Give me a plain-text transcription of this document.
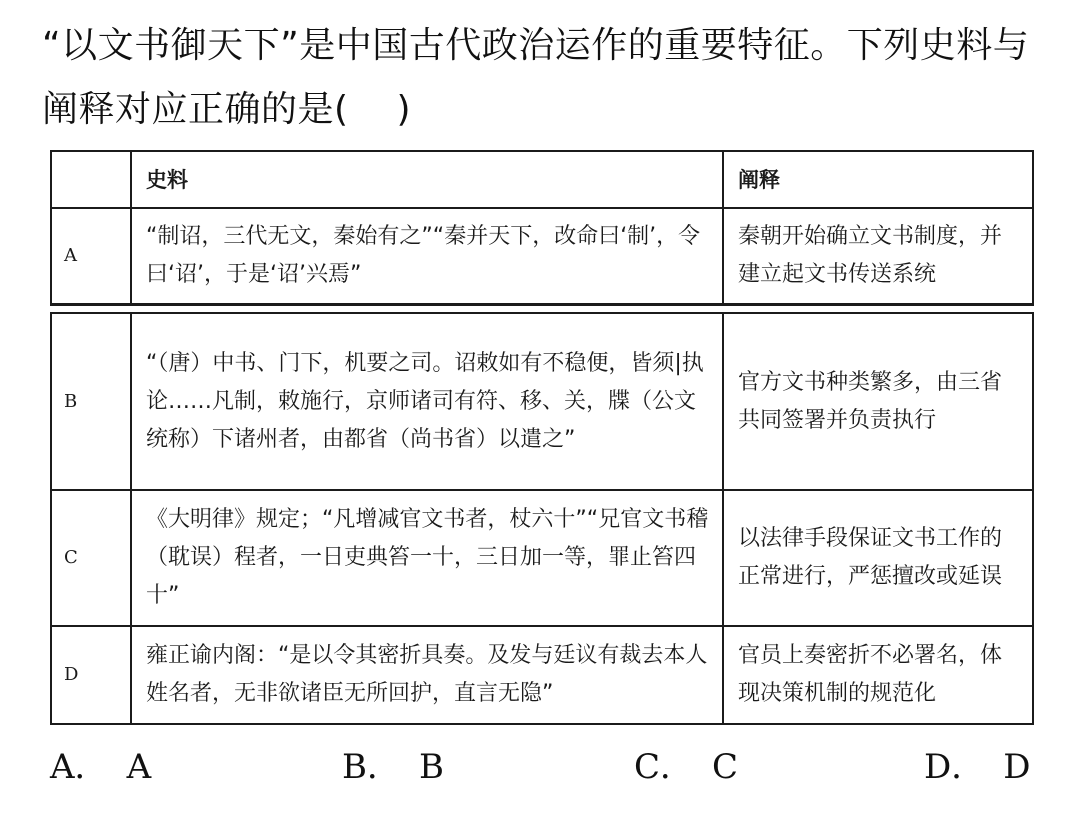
“以文书御天下”是中国古代政治运作的重要特征。下列史料与阐释对应正确的是( )
	史料	阐释
A	“制诏，三代无文，秦始有之”“秦并天下，改命曰‘制’，令曰‘诏’，于是‘诏’兴焉”	秦朝开始确立文书制度，并建立起文书传送系统
B	“（唐）中书、门下，机要之司。诏敕如有不稳便，皆须|执论……凡制，敕施行，京师诸司有符、移、关，牒（公文统称）下诸州者，由都省（尚书省）以遣之”	官方文书种类繁多，由三省共同签署并负责执行
C	《大明律》规定；“凡增减官文书者，杖六十”“兄官文书稽（耽误）程者，一日吏典笞一十，三日加一等，罪止笞四十”	以法律手段保证文书工作的正常进行，严惩擅改或延误
D	雍正谕内阁：“是以令其密折具奏。及发与廷议有裁去本人姓名者，无非欲诸臣无所回护，直言无隐”	官员上奏密折不必署名，体现决策机制的规范化
A． A	B． B	C． C	D． D
